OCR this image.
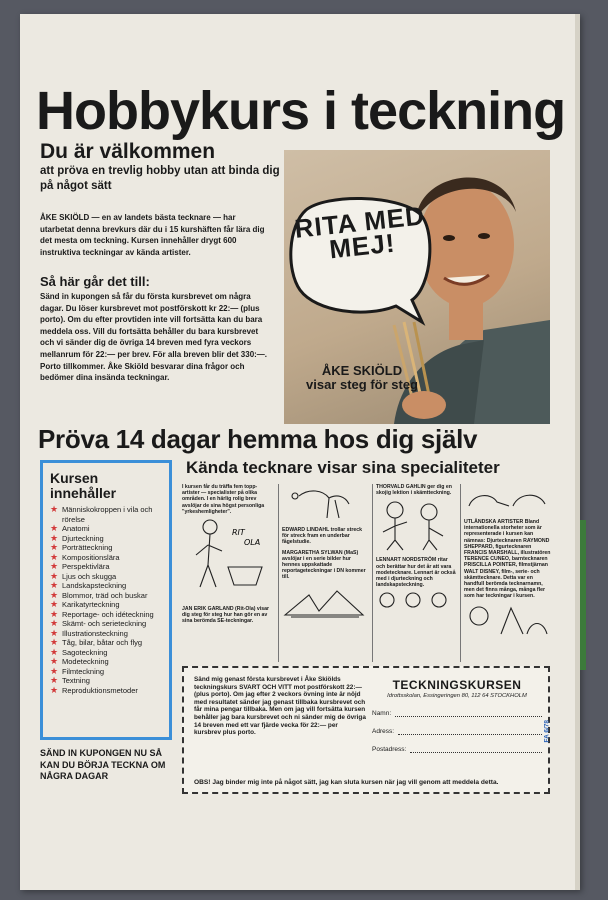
Hobbykurs i teckning
Du är välkommen
att pröva en trevlig hobby utan att binda dig på något sätt

ÅKE SKIÖLD — en av landets bästa tecknare — har utarbetat denna brevkurs där du i 15 kurshäften får lära dig det mesta om teckning. Kursen innehåller drygt 600 instruktiva teckningar av kända artister.

Så här går det till:

Sänd in kupongen så får du första kursbrevet om några dagar. Du löser kursbrevet mot postförskott kr 22:— (plus porto). Om du efter provtiden inte vill fortsätta kan du bara meddela oss. Vill du fortsätta behåller du bara kursbrevet och vi sänder dig de övriga 14 breven med fyra veckors mellanrum för 22:— per brev. För alla breven blir det 330:—. Porto tillkommer. Åke Skiöld besvarar dina frågor och bedömer dina insända teckningar.

RITA MED MEJ!
ÅKE SKIÖLD visar steg för steg
Pröva 14 dagar hemma hos dig själv
Kursen innehåller
★ Människokroppen i vila och rörelse
★ Anatomi
★ Djurteckning
★ Porträtteckning
★ Kompositionslära
★ Perspektivlära
★ Ljus och skugga
★ Landskapsteckning
★ Blommor, träd och buskar
★ Karikatyrteckning
★ Reportage- och idéteckning
★ Skämt- och serieteckning
★ Illustrationsteckning
★ Tåg, bilar, båtar och flyg
★ Sagoteckning
★ Modeteckning
★ Filmteckning
★ Textning
★ Reproduktionsmetoder
SÄND IN KUPONGEN NU SÅ KAN DU BÖRJA TECKNA OM NÅGRA DAGAR
Kända tecknare visar sina specialiteter

I kursen får du träffa fem topp-artister — specialister på olika områden. I en härlig rolig brev avslöjar de sina högst personliga "yrkeshemligheter".

RIT
OLA

JAN ERIK GARLAND (Rit-Ola) visar dig steg för steg hur han gör en av sina berömda SE-teckningar.

EDWARD LINDAHL trollar streck för streck fram en underbar fågelstudie.

MARGARETHA SYLWAN (MaS) avslöjar i en serie bilder hur hennes uppskattade reportageteckningar i DN kommer till.

THORVALD GAHLIN ger dig en skojig lektion i skämtteckning.

LENNART NORDSTRÖM ritar och berättar hur det år att vara modetecknare. Lennart är också med i djurteckning och landskapsteckning.

UTLÄNDSKA ARTISTER Bland internationella storheter som är representerade i kursen kan nämnas: Djurtecknaren RAYMOND SHEPPARD, figurtecknaren FRANCIS MARSHALL, illustratören TERENCE CUNEO, barntecknaren PRISCILLA POINTER, filmstjärnan WALT DISNEY, film-, serie- och skämttecknare. Detta var en handfull berömda tecknarnamn, men det finns många, många fler som har teckningar i kursen.

Sänd mig genast första kursbrevet i Åke Skiölds teckningskurs SVART OCH VITT mot postförskott 22:— (plus porto). Om jag efter 2 veckors övning inte är nöjd med resultatet sänder jag genast tillbaka kursbrevet och får mina pengar tillbaka. Men om jag vill fortsätta kursen behåller jag bara kursbrevet och ni sänder mig de övriga 14 breven med ett var fjärde vecka för 22:— per kursbrev plus porto.

TECKNINGSKURSEN
Idrottsskolan, Essingeringen 80, 112 64 STOCKHOLM
Namn:
Adress:
Postadress:
FA 6/78
OBS! Jag binder mig inte på något sätt, jag kan sluta kursen när jag vill genom att meddela detta.
